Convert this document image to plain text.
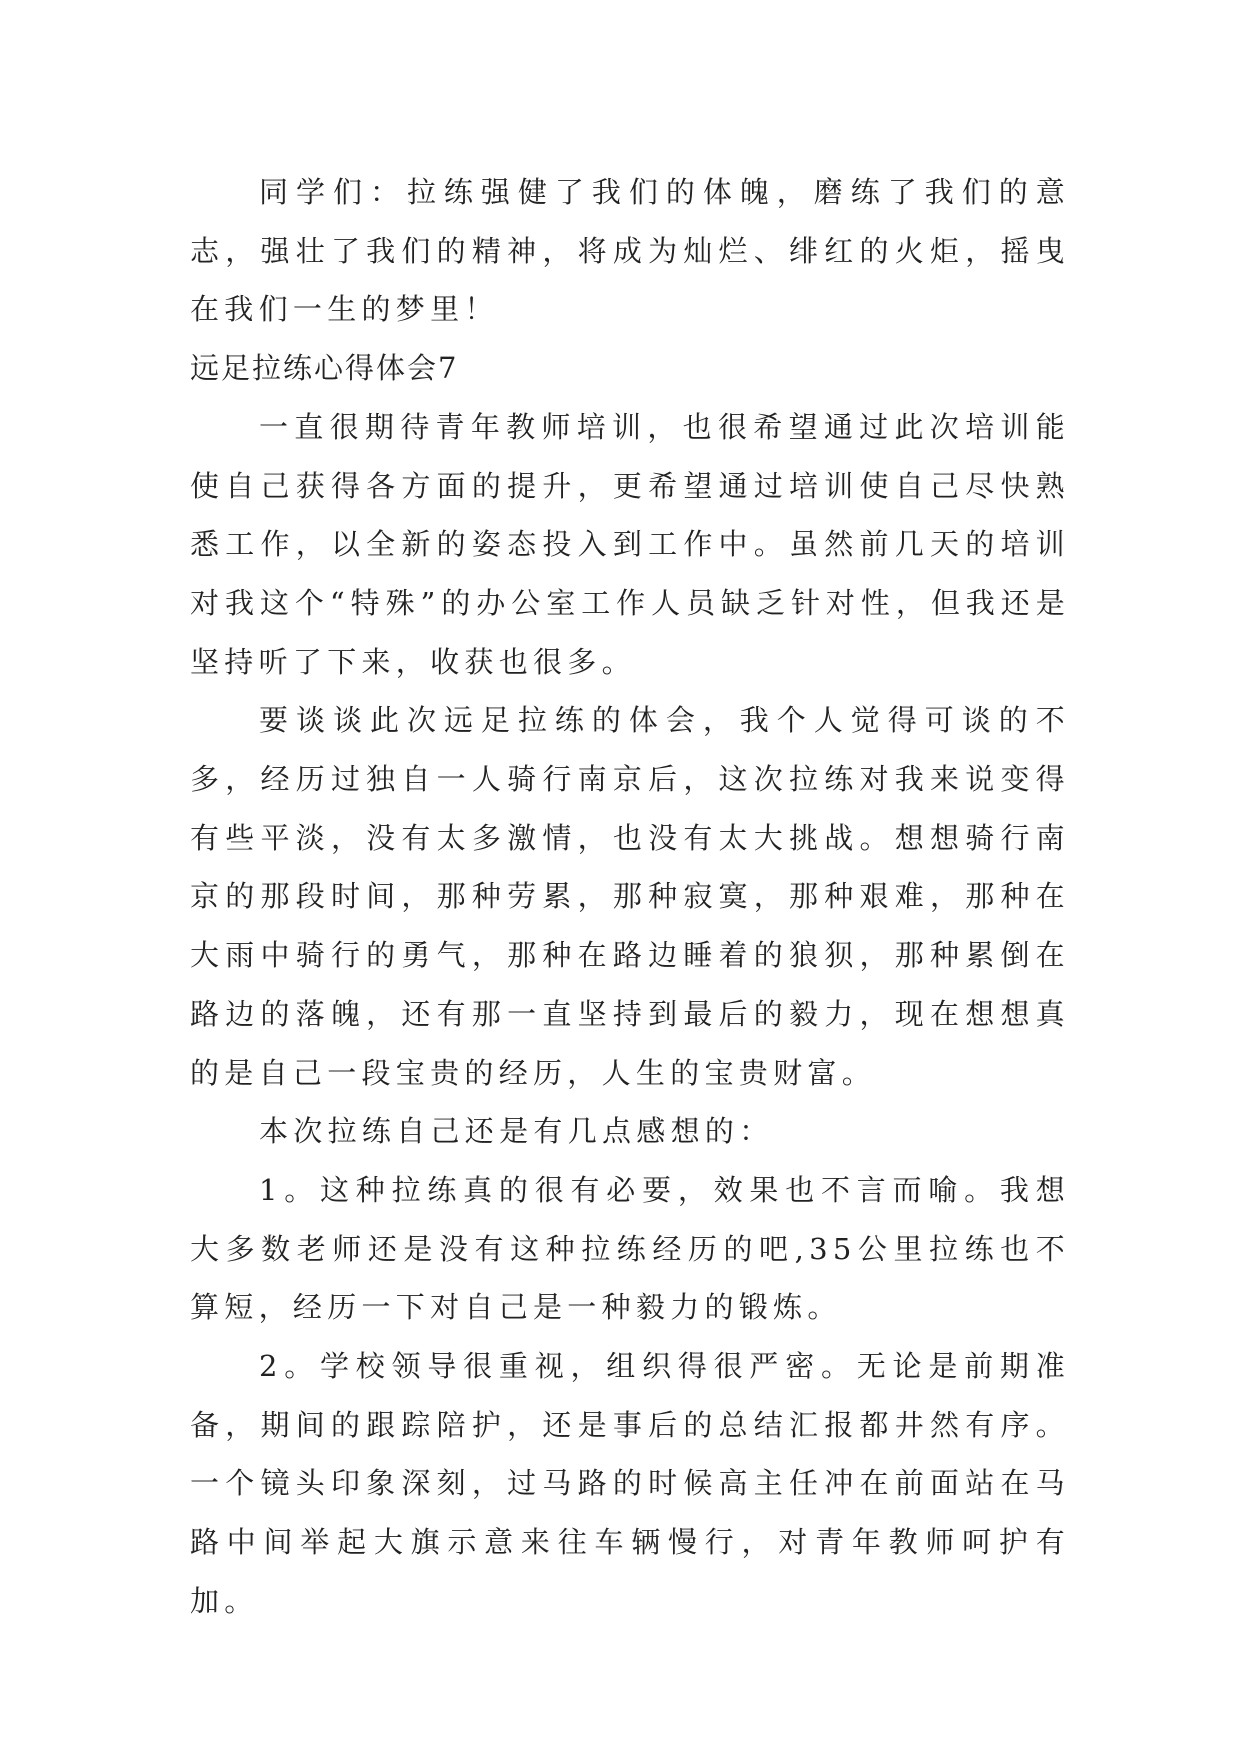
同学们：拉练强健了我们的体魄，磨练了我们的意志，强壮了我们的精神，将成为灿烂、绯红的火炬，摇曳在我们一生的梦里！

远足拉练心得体会7

一直很期待青年教师培训，也很希望通过此次培训能使自己获得各方面的提升，更希望通过培训使自己尽快熟悉工作，以全新的姿态投入到工作中。虽然前几天的培训对我这个“特殊”的办公室工作人员缺乏针对性，但我还是坚持听了下来，收获也很多。

要谈谈此次远足拉练的体会，我个人觉得可谈的不多，经历过独自一人骑行南京后，这次拉练对我来说变得有些平淡，没有太多激情，也没有太大挑战。想想骑行南京的那段时间，那种劳累，那种寂寞，那种艰难，那种在大雨中骑行的勇气，那种在路边睡着的狼狈，那种累倒在路边的落魄，还有那一直坚持到最后的毅力，现在想想真的是自己一段宝贵的经历，人生的宝贵财富。

本次拉练自己还是有几点感想的：

1。这种拉练真的很有必要，效果也不言而喻。我想大多数老师还是没有这种拉练经历的吧,35公里拉练也不算短，经历一下对自己是一种毅力的锻炼。

2。学校领导很重视，组织得很严密。无论是前期准备，期间的跟踪陪护，还是事后的总结汇报都井然有序。一个镜头印象深刻，过马路的时候高主任冲在前面站在马路中间举起大旗示意来往车辆慢行，对青年教师呵护有加。
